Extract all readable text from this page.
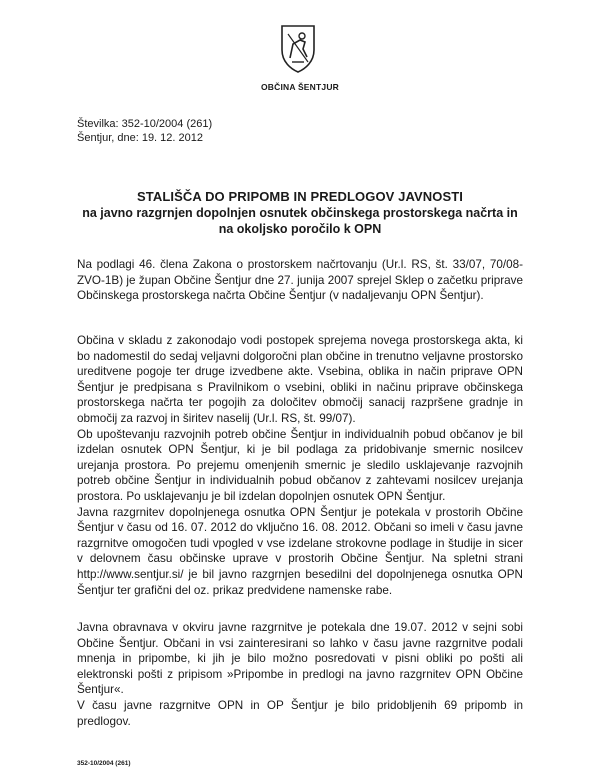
OBČINA ŠENTJUR
Številka: 352-10/2004 (261)
Šentjur, dne: 19. 12. 2012
STALIŠČA DO PRIPOMB IN PREDLOGOV JAVNOSTI
na javno razgrnjen dopolnjen osnutek občinskega prostorskega načrta in
na okoljsko poročilo k OPN

Na podlagi 46. člena Zakona o prostorskem načrtovanju (Ur.l. RS, št. 33/07, 70/08-ZVO-1B) je župan Občine Šentjur dne 27. junija 2007 sprejel Sklep o začetku priprave Občinskega prostorskega načrta Občine Šentjur (v nadaljevanju OPN Šentjur).

Občina v skladu z zakonodajo vodi postopek sprejema novega prostorskega akta, ki bo nadomestil do sedaj veljavni dolgoročni plan občine in trenutno veljavne prostorsko ureditvene pogoje ter druge izvedbene akte. Vsebina, oblika in način priprave OPN Šentjur je predpisana s Pravilnikom o vsebini, obliki in načinu priprave občinskega prostorskega načrta ter pogojih za določitev območij sanacij razpršene gradnje in območij za razvoj in širitev naselij (Ur.l. RS, št. 99/07).

Ob upoštevanju razvojnih potreb občine Šentjur in individualnih pobud občanov je bil izdelan osnutek OPN Šentjur, ki je bil podlaga za pridobivanje smernic nosilcev urejanja prostora. Po prejemu omenjenih smernic je sledilo usklajevanje razvojnih potreb občine Šentjur in individualnih pobud občanov z zahtevami nosilcev urejanja prostora. Po usklajevanju je bil izdelan dopolnjen osnutek OPN Šentjur.

Javna razgrnitev dopolnjenega osnutka OPN Šentjur je potekala v prostorih Občine Šentjur v času od 16. 07. 2012 do vključno 16. 08. 2012. Občani so imeli v času javne razgrnitve omogočen tudi vpogled v vse izdelane strokovne podlage in študije in sicer v delovnem času občinske uprave v prostorih Občine Šentjur. Na spletni strani http://www.sentjur.si/ je bil javno razgrnjen besedilni del dopolnjenega osnutka OPN Šentjur ter grafični del oz. prikaz predvidene namenske rabe.

Javna obravnava v okviru javne razgrnitve je potekala dne 19.07. 2012 v sejni sobi Občine Šentjur. Občani in vsi zainteresirani so lahko v času javne razgrnitve podali mnenja in pripombe, ki jih je bilo možno posredovati v pisni obliki po pošti ali elektronski pošti z pripisom »Pripombe in predlogi na javno razgrnitev OPN Občine Šentjur«.

V času javne razgrnitve OPN in OP Šentjur je bilo pridobljenih 69 pripomb in predlogov.

352-10/2004 (261)
